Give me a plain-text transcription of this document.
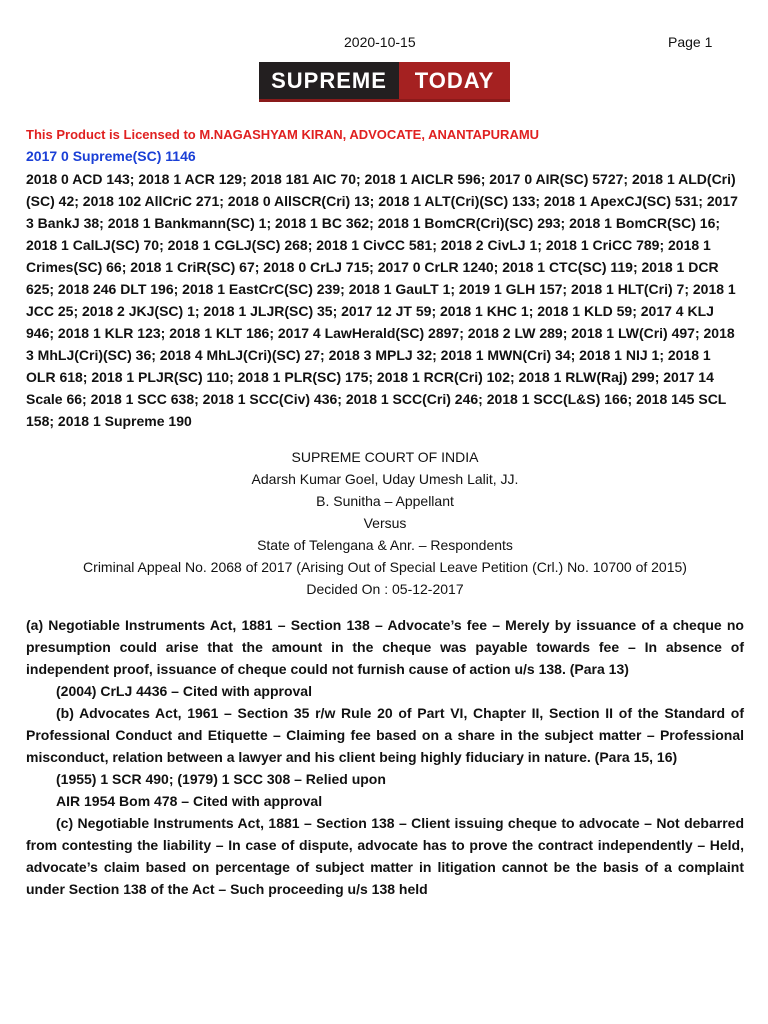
2020-10-15	Page 1
SUPREME	TODAY

This Product is Licensed to M.NAGASHYAM KIRAN, ADVOCATE, ANANTAPURAMU

2017 0 Supreme(SC) 1146

2018 0 ACD 143; 2018 1 ACR 129; 2018 181 AIC 70; 2018 1 AICLR 596; 2017 0 AIR(SC) 5727; 2018 1 ALD(Cri)(SC) 42; 2018 102 AllCriC 271; 2018 0 AllSCR(Cri) 13; 2018 1 ALT(Cri)(SC) 133; 2018 1 ApexCJ(SC) 531; 2017 3 BankJ 38; 2018 1 Bankmann(SC) 1; 2018 1 BC 362; 2018 1 BomCR(Cri)(SC) 293; 2018 1 BomCR(SC) 16; 2018 1 CalLJ(SC) 70; 2018 1 CGLJ(SC) 268; 2018 1 CivCC 581; 2018 2 CivLJ 1; 2018 1 CriCC 789; 2018 1 Crimes(SC) 66; 2018 1 CriR(SC) 67; 2018 0 CrLJ 715; 2017 0 CrLR 1240; 2018 1 CTC(SC) 119; 2018 1 DCR 625; 2018 246 DLT 196; 2018 1 EastCrC(SC) 239; 2018 1 GauLT 1; 2019 1 GLH 157; 2018 1 HLT(Cri) 7; 2018 1 JCC 25; 2018 2 JKJ(SC) 1; 2018 1 JLJR(SC) 35; 2017 12 JT 59; 2018 1 KHC 1; 2018 1 KLD 59; 2017 4 KLJ 946; 2018 1 KLR 123; 2018 1 KLT 186; 2017 4 LawHerald(SC) 2897; 2018 2 LW 289; 2018 1 LW(Cri) 497; 2018 3 MhLJ(Cri)(SC) 36; 2018 4 MhLJ(Cri)(SC) 27; 2018 3 MPLJ 32; 2018 1 MWN(Cri) 34; 2018 1 NIJ 1; 2018 1 OLR 618; 2018 1 PLJR(SC) 110; 2018 1 PLR(SC) 175; 2018 1 RCR(Cri) 102; 2018 1 RLW(Raj) 299; 2017 14 Scale 66; 2018 1 SCC 638; 2018 1 SCC(Civ) 436; 2018 1 SCC(Cri) 246; 2018 1 SCC(L&S) 166; 2018 145 SCL 158; 2018 1 Supreme 190

SUPREME COURT OF INDIA
Adarsh Kumar Goel, Uday Umesh Lalit, JJ.
B. Sunitha – Appellant
Versus
State of Telengana & Anr. – Respondents
Criminal Appeal No. 2068 of 2017 (Arising Out of Special Leave Petition (Crl.) No. 10700 of 2015)
Decided On : 05-12-2017

(a) Negotiable Instruments Act, 1881 – Section 138 – Advocate’s fee – Merely by issuance of a cheque no presumption could arise that the amount in the cheque was payable towards fee – In absence of independent proof, issuance of cheque could not furnish cause of action u/s 138. (Para 13)

(2004) CrLJ 4436 – Cited with approval

(b) Advocates Act, 1961 – Section 35 r/w Rule 20 of Part VI, Chapter II, Section II of the Standard of Professional Conduct and Etiquette – Claiming fee based on a share in the subject matter – Professional misconduct, relation between a lawyer and his client being highly fiduciary in nature. (Para 15, 16)

(1955) 1 SCR 490; (1979) 1 SCC 308 – Relied upon

AIR 1954 Bom 478 – Cited with approval

(c) Negotiable Instruments Act, 1881 – Section 138 – Client issuing cheque to advocate – Not debarred from contesting the liability – In case of dispute, advocate has to prove the contract independently – Held, advocate’s claim based on percentage of subject matter in litigation cannot be the basis of a complaint under Section 138 of the Act – Such proceeding u/s 138 held
